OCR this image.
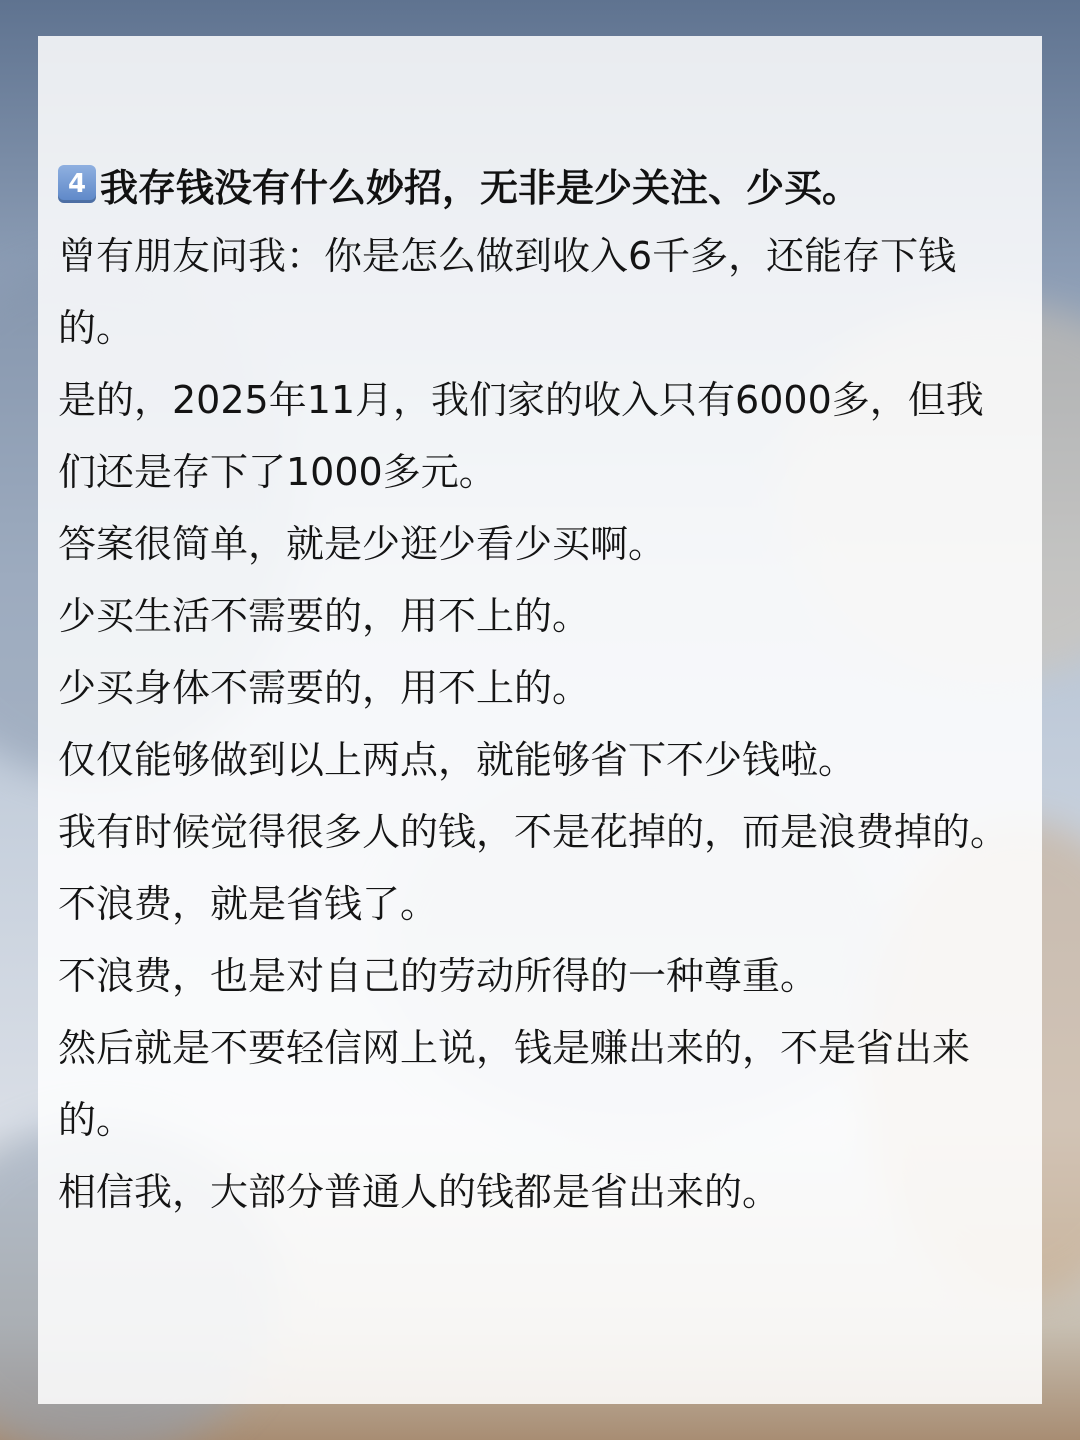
4 我存钱没有什么妙招，无非是少关注、少买。

曾有朋友问我：你是怎么做到收入6千多，还能存下钱的。

是的，2025年11月，我们家的收入只有6000多，但我们还是存下了1000多元。

答案很简单，就是少逛少看少买啊。

少买生活不需要的，用不上的。

少买身体不需要的，用不上的。

仅仅能够做到以上两点，就能够省下不少钱啦。

我有时候觉得很多人的钱，不是花掉的，而是浪费掉的。

不浪费，就是省钱了。

不浪费，也是对自己的劳动所得的一种尊重。

然后就是不要轻信网上说，钱是赚出来的，不是省出来的。

相信我，大部分普通人的钱都是省出来的。
